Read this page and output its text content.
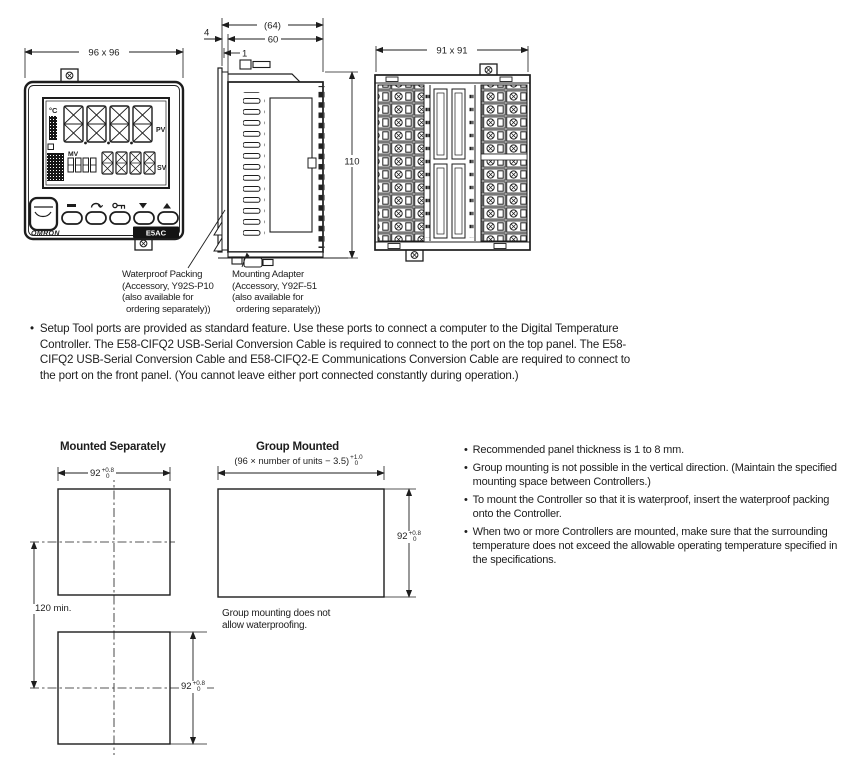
96 x 96
°C
PV
MV
SV
OMRON	E5AC
(64)
60
4
1
110
91 x 91
Waterproof Packing
(Accessory, Y92S-P10
(also available for
ordering separately))
Mounting Adapter
(Accessory, Y92F-51
(also available for
ordering separately))
• Setup Tool ports are provided as standard feature. Use these ports to connect a computer to the Digital Temperature Controller. The E58-CIFQ2 USB-Serial Conversion Cable is required to connect to the port on the top panel. The E58-CIFQ2 USB-Serial Conversion Cable and E58-CIFQ2-E Communications Conversion Cable are required to connect to the port on the front panel. (You cannot leave either port connected constantly during operation.)
Mounted Separately	Group Mounted
(96 × number of units − 3.5) +1.0
0
92 +0.8
0
92 +0.8
0
92 +0.8
0
120 min.	Group mounting does not allow waterproofing.
• Recommended panel thickness is 1 to 8 mm.
• Group mounting is not possible in the vertical direction. (Maintain the specified mounting space between Controllers.)
• To mount the Controller so that it is waterproof, insert the waterproof packing onto the Controller.
• When two or more Controllers are mounted, make sure that the surrounding temperature does not exceed the allowable operating temperature specified in the specifications.
